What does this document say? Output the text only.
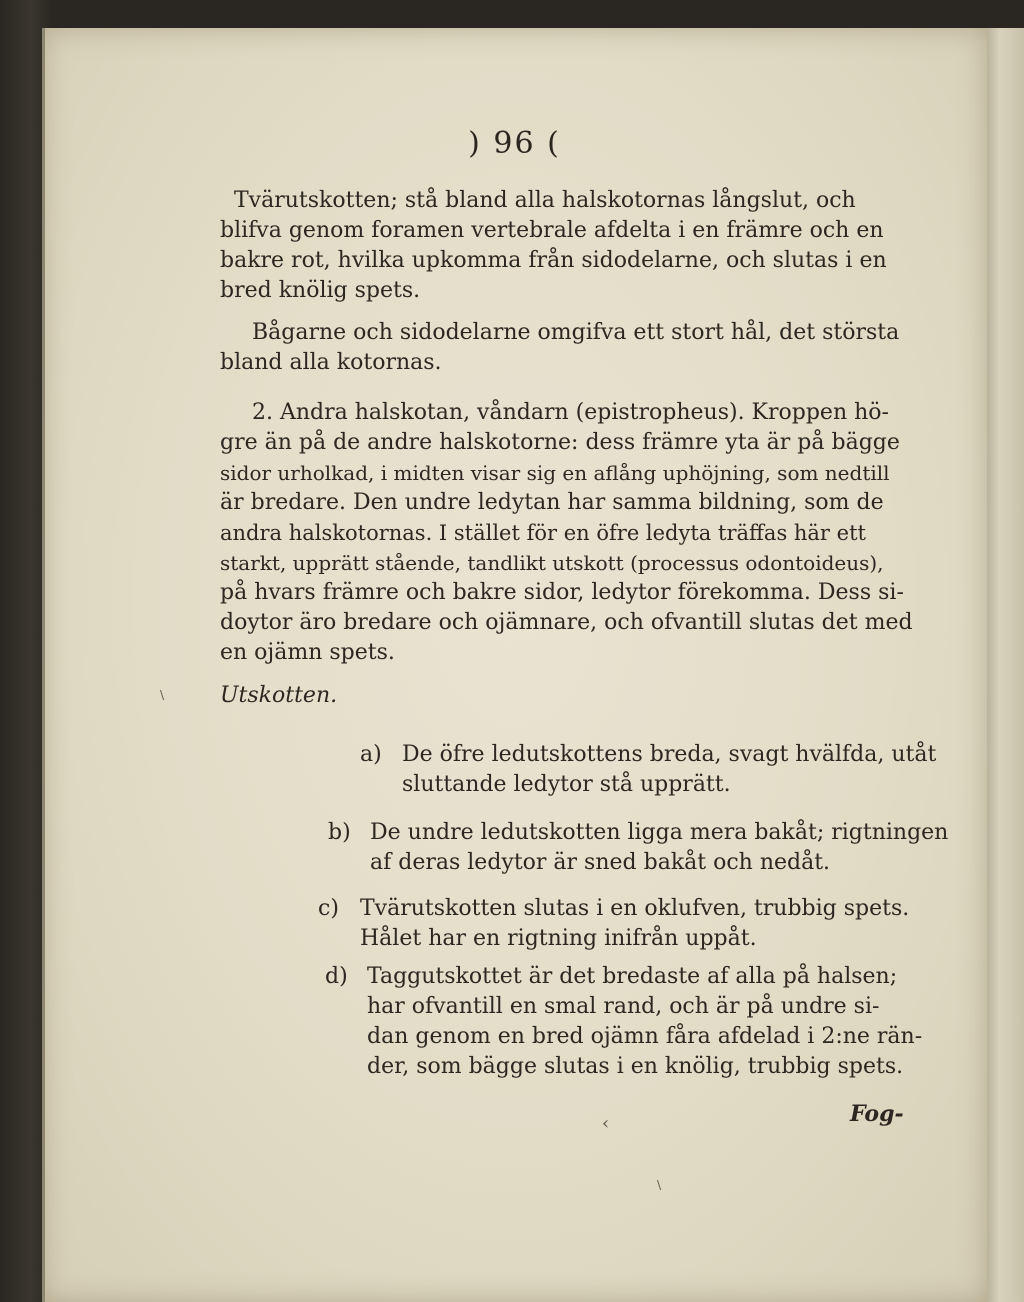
) 96 (
Tvärutskotten; stå bland alla halskotornas långslut, och
blifva genom foramen vertebrale afdelta i en främre och en
bakre rot, hvilka upkomma från sidodelarne, och slutas i en
bred knölig spets.
Bågarne och sidodelarne omgifva ett stort hål, det största
bland alla kotornas.
2. Andra halskotan, våndarn (epistropheus). Kroppen hö-
gre än på de andre halskotorne: dess främre yta är på bägge
sidor urholkad, i midten visar sig en aflång uphöjning, som nedtill
är bredare. Den undre ledytan har samma bildning, som de
andra halskotornas. I stället för en öfre ledyta träffas här ett
starkt, upprätt stående, tandlikt utskott (processus odontoideus),
på hvars främre och bakre sidor, ledytor förekomma. Dess si-
doytor äro bredare och ojämnare, och ofvantill slutas det med
en ojämn spets.
Utskotten.
a) De öfre ledutskottens breda, svagt hvälfda, utåt
sluttande ledytor stå upprätt.
b) De undre ledutskotten ligga mera bakåt; rigtningen
af deras ledytor är sned bakåt och nedåt.
c) Tvärutskotten slutas i en oklufven, trubbig spets.
Hålet har en rigtning inifrån uppåt.
d) Taggutskottet är det bredaste af alla på halsen;
har ofvantill en smal rand, och är på undre si-
dan genom en bred ojämn fåra afdelad i 2:ne rän-
der, som bägge slutas i en knölig, trubbig spets.
Fog-
‹
\
\
